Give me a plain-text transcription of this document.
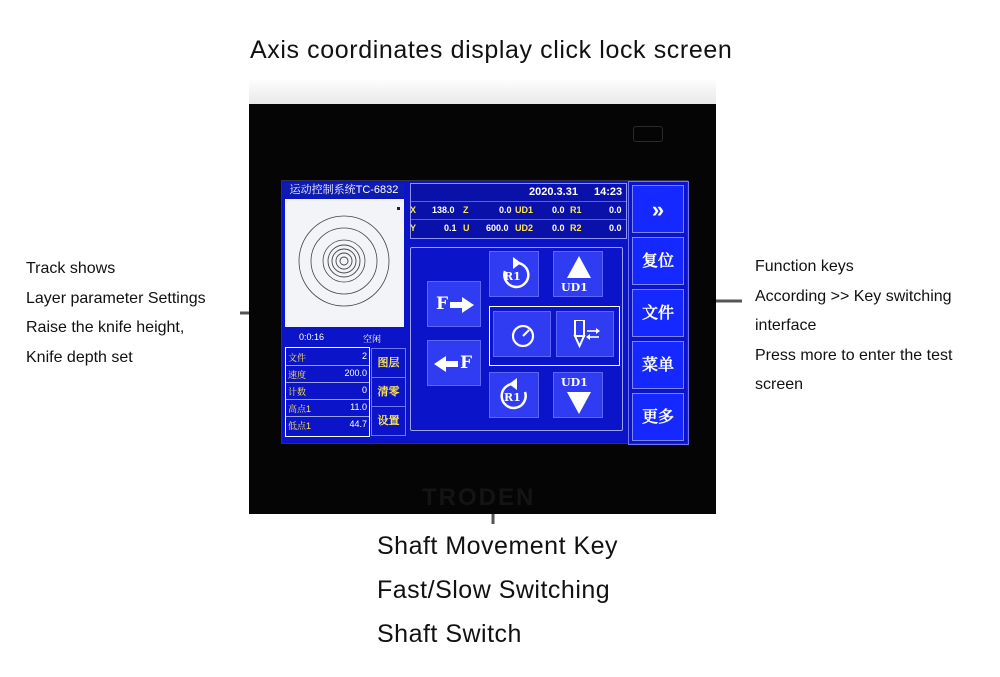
Axis coordinates display click lock screen
Track shows
Layer parameter Settings
Raise the knife height,
Knife depth set
Function keys
According >> Key switching
interface
Press more to enter the test
screen
Shaft Movement Key
Fast/Slow Switching
Shaft Switch
TRODEN
运动控制系统TC-6832
0:0:16	空闲
文件	2
速度	200.0
计数	0
高点1	11.0
低点1	44.7
图层
清零
设置
2020.3.31 14:23
X 138.0 Z	0.0 UD1 0.0 R1	0.0
Y	0.1 U 600.0 UD2 0.0 R2	0.0
F
F
R1
UD1
R1
UD1
»
复位
文件
菜单
更多
